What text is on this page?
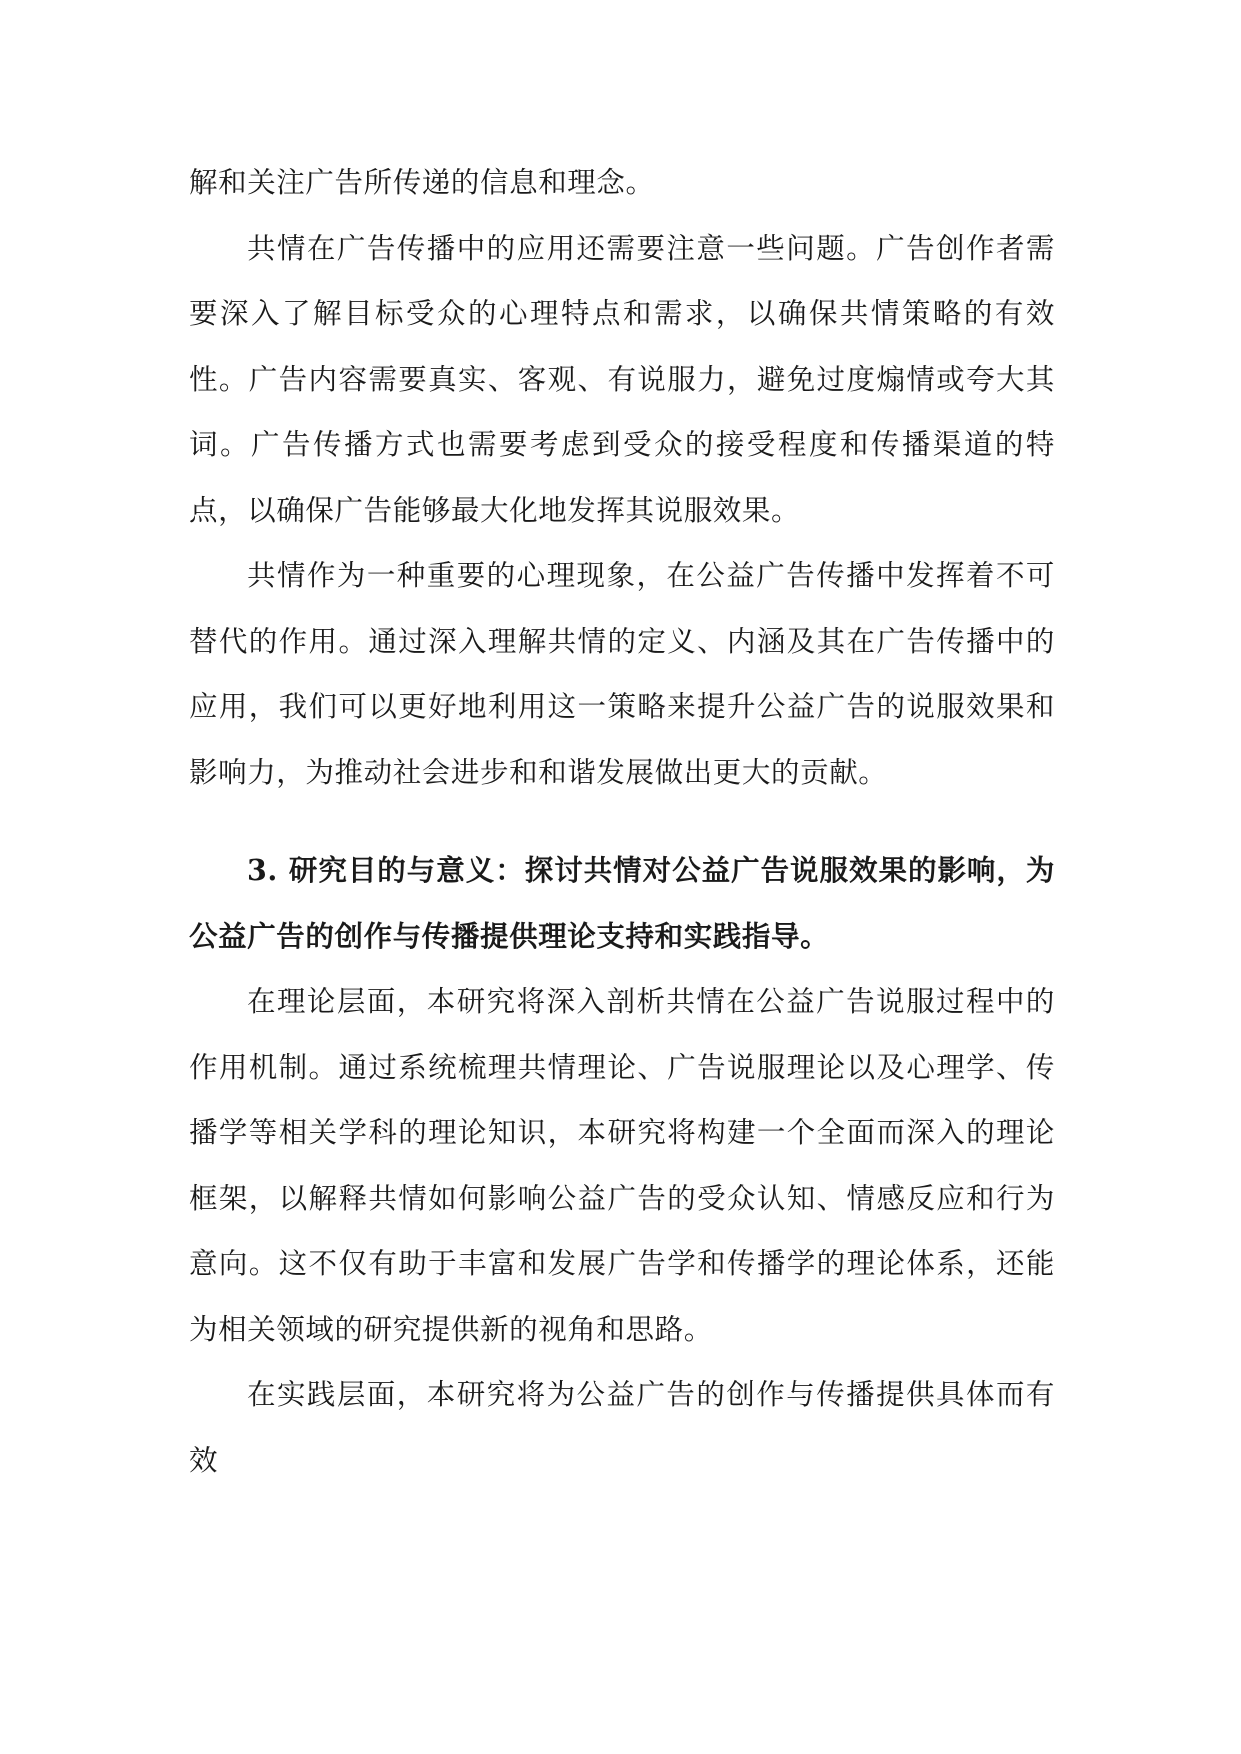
解和关注广告所传递的信息和理念。

共情在广告传播中的应用还需要注意一些问题。广告创作者需要深入了解目标受众的心理特点和需求，以确保共情策略的有效性。广告内容需要真实、客观、有说服力，避免过度煽情或夸大其词。广告传播方式也需要考虑到受众的接受程度和传播渠道的特点，以确保广告能够最大化地发挥其说服效果。

共情作为一种重要的心理现象，在公益广告传播中发挥着不可替代的作用。通过深入理解共情的定义、内涵及其在广告传播中的应用，我们可以更好地利用这一策略来提升公益广告的说服效果和影响力，为推动社会进步和和谐发展做出更大的贡献。

3. 研究目的与意义：探讨共情对公益广告说服效果的影响，为公益广告的创作与传播提供理论支持和实践指导。

在理论层面，本研究将深入剖析共情在公益广告说服过程中的作用机制。通过系统梳理共情理论、广告说服理论以及心理学、传播学等相关学科的理论知识，本研究将构建一个全面而深入的理论框架，以解释共情如何影响公益广告的受众认知、情感反应和行为意向。这不仅有助于丰富和发展广告学和传播学的理论体系，还能为相关领域的研究提供新的视角和思路。

在实践层面，本研究将为公益广告的创作与传播提供具体而有效
